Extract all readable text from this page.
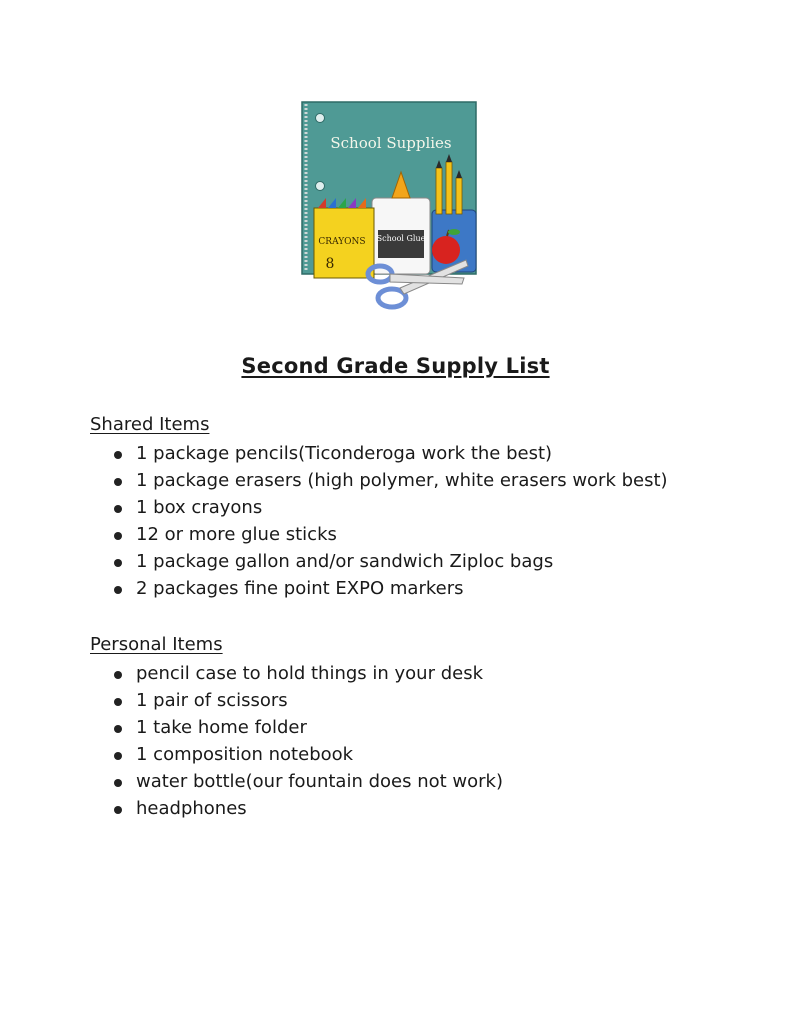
School Supplies
School Glue
CRAYONS
8
Second Grade Supply List
Shared Items
1 package pencils(Ticonderoga work the best)
1 package erasers (high polymer, white erasers work best)
1 box crayons
12 or more glue sticks
1 package gallon and/or sandwich Ziploc bags
2 packages fine point EXPO markers
Personal Items
pencil case to hold things in your desk
1 pair of scissors
1 take home folder
1 composition notebook
water bottle(our fountain does not work)
headphones
